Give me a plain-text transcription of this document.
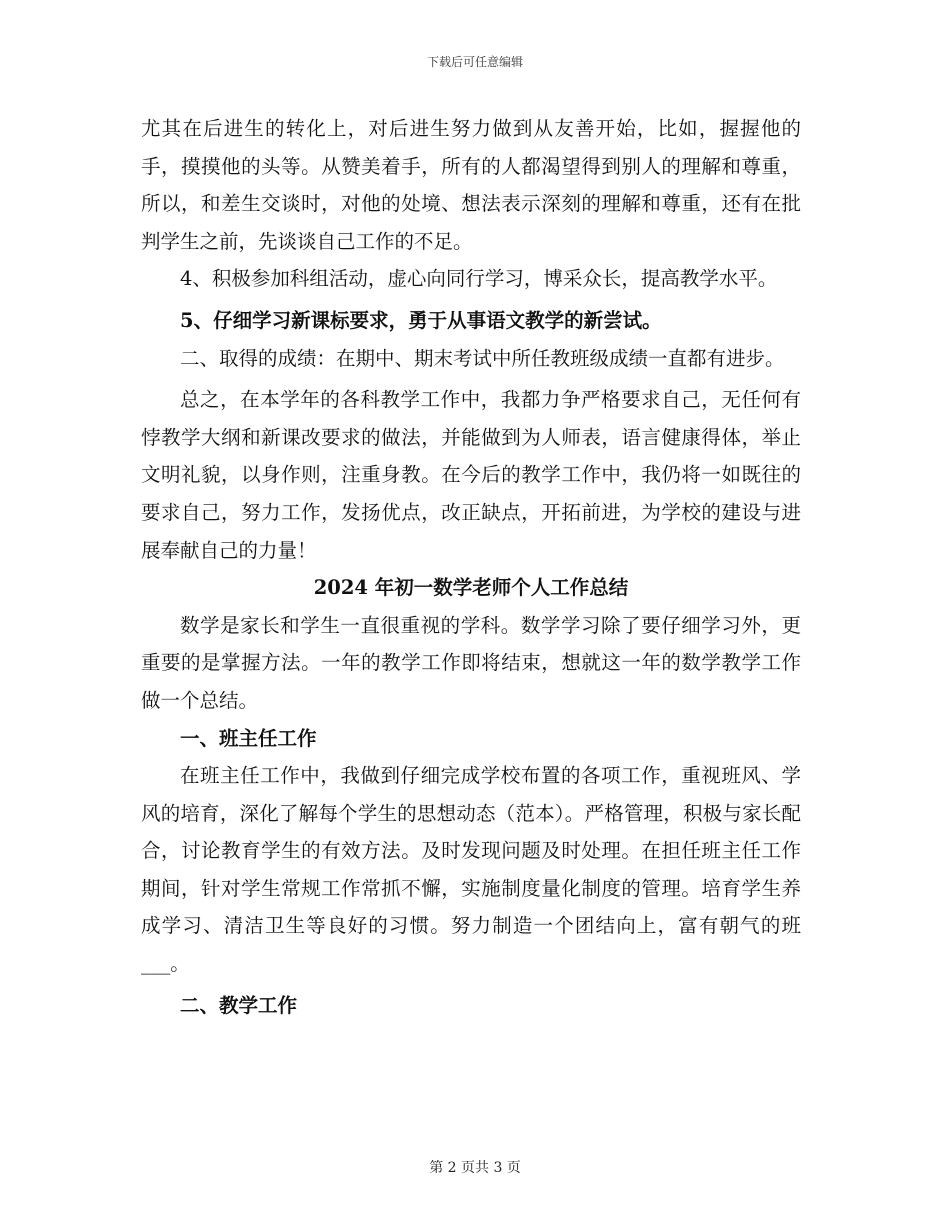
下载后可任意编辑

尤其在后进生的转化上，对后进生努力做到从友善开始，比如，握握他的手，摸摸他的头等。从赞美着手，所有的人都渴望得到别人的理解和尊重，所以，和差生交谈时，对他的处境、想法表示深刻的理解和尊重，还有在批判学生之前，先谈谈自己工作的不足。

4、积极参加科组活动，虚心向同行学习，博采众长，提高教学水平。

5、仔细学习新课标要求，勇于从事语文教学的新尝试。

二、取得的成绩：在期中、期末考试中所任教班级成绩一直都有进步。

总之，在本学年的各科教学工作中，我都力争严格要求自己，无任何有悖教学大纲和新课改要求的做法，并能做到为人师表，语言健康得体，举止文明礼貌，以身作则，注重身教。在今后的教学工作中，我仍将一如既往的要求自己，努力工作，发扬优点，改正缺点，开拓前进，为学校的建设与进展奉献自己的力量！

2024 年初一数学老师个人工作总结

数学是家长和学生一直很重视的学科。数学学习除了要仔细学习外，更重要的是掌握方法。一年的教学工作即将结束，想就这一年的数学教学工作做一个总结。

一、班主任工作

在班主任工作中，我做到仔细完成学校布置的各项工作，重视班风、学风的培育，深化了解每个学生的思想动态（范本）。严格管理，积极与家长配合，讨论教育学生的有效方法。及时发现问题及时处理。在担任班主任工作期间，针对学生常规工作常抓不懈，实施制度量化制度的管理。培育学生养成学习、清洁卫生等良好的习惯。努力制造一个团结向上，富有朝气的班___。

二、教学工作

第 2 页共 3 页
